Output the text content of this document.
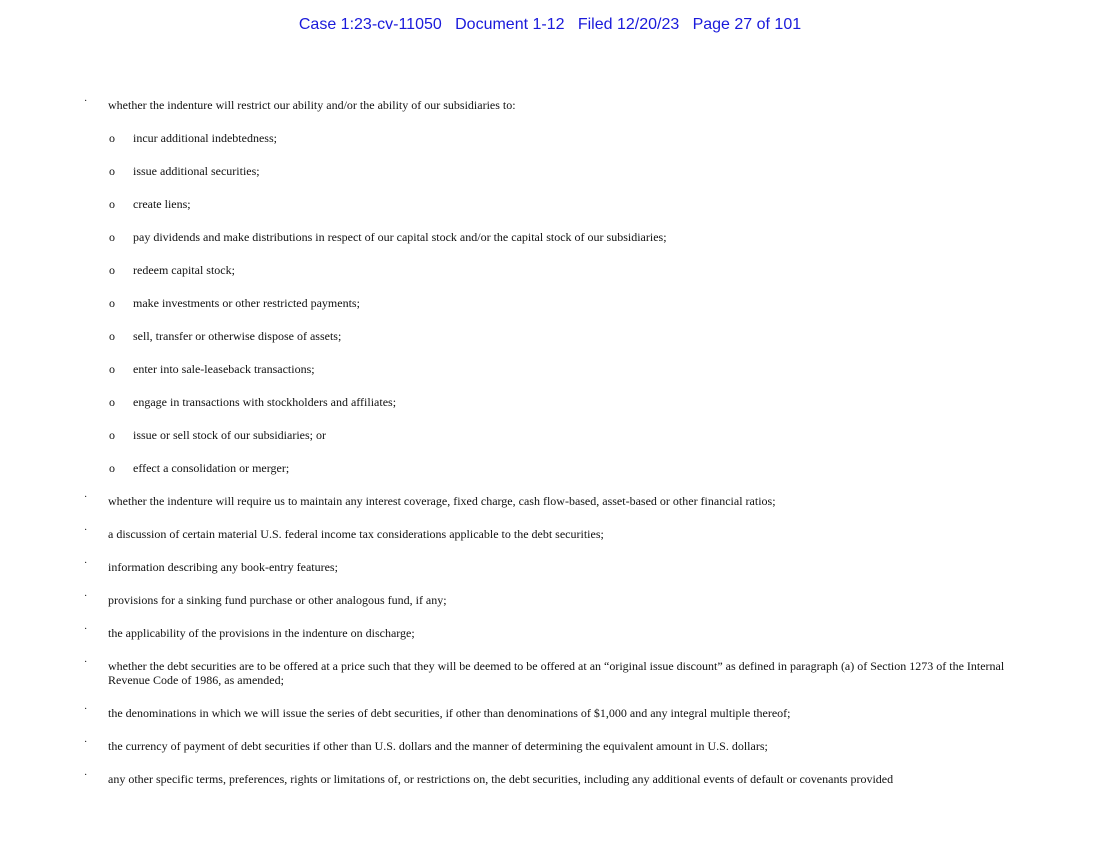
Case 1:23-cv-11050   Document 1-12   Filed 12/20/23   Page 27 of 101
· whether the indenture will restrict our ability and/or the ability of our subsidiaries to:
o incur additional indebtedness;
o issue additional securities;
o create liens;
o pay dividends and make distributions in respect of our capital stock and/or the capital stock of our subsidiaries;
o redeem capital stock;
o make investments or other restricted payments;
o sell, transfer or otherwise dispose of assets;
o enter into sale-leaseback transactions;
o engage in transactions with stockholders and affiliates;
o issue or sell stock of our subsidiaries; or
o effect a consolidation or merger;
· whether the indenture will require us to maintain any interest coverage, fixed charge, cash flow-based, asset-based or other financial ratios;
· a discussion of certain material U.S. federal income tax considerations applicable to the debt securities;
· information describing any book-entry features;
· provisions for a sinking fund purchase or other analogous fund, if any;
· the applicability of the provisions in the indenture on discharge;
· whether the debt securities are to be offered at a price such that they will be deemed to be offered at an “original issue discount” as defined in paragraph (a) of Section 1273 of the Internal Revenue Code of 1986, as amended;
· the denominations in which we will issue the series of debt securities, if other than denominations of $1,000 and any integral multiple thereof;
· the currency of payment of debt securities if other than U.S. dollars and the manner of determining the equivalent amount in U.S. dollars;
· any other specific terms, preferences, rights or limitations of, or restrictions on, the debt securities, including any additional events of default or covenants provided
